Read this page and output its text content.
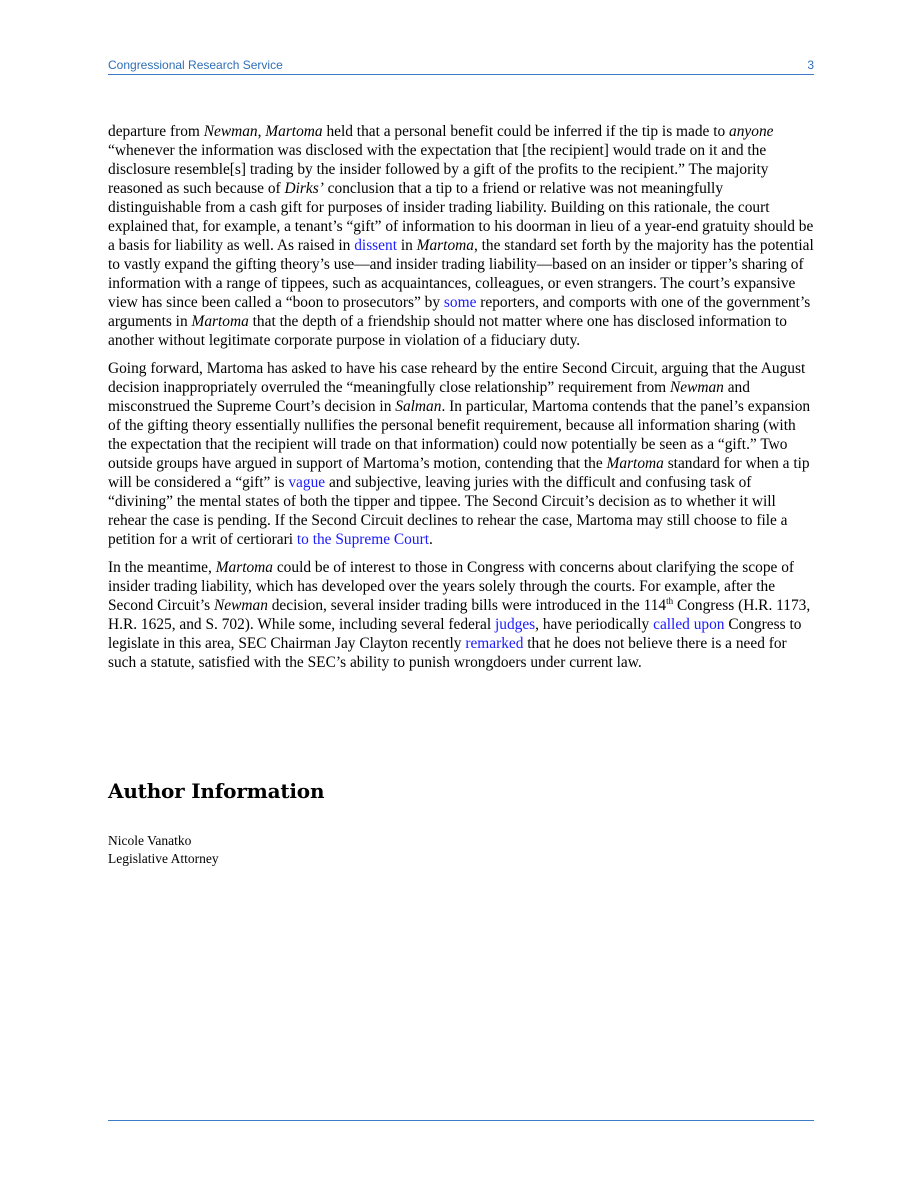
Congressional Research Service	3

departure from Newman, Martoma held that a personal benefit could be inferred if the tip is made to anyone “whenever the information was disclosed with the expectation that [the recipient] would trade on it and the disclosure resemble[s] trading by the insider followed by a gift of the profits to the recipient.” The majority reasoned as such because of Dirks’ conclusion that a tip to a friend or relative was not meaningfully distinguishable from a cash gift for purposes of insider trading liability. Building on this rationale, the court explained that, for example, a tenant’s “gift” of information to his doorman in lieu of a year-end gratuity should be a basis for liability as well. As raised in dissent in Martoma, the standard set forth by the majority has the potential to vastly expand the gifting theory’s use—and insider trading liability—based on an insider or tipper’s sharing of information with a range of tippees, such as acquaintances, colleagues, or even strangers. The court’s expansive view has since been called a “boon to prosecutors” by some reporters, and comports with one of the government’s arguments in Martoma that the depth of a friendship should not matter where one has disclosed information to another without legitimate corporate purpose in violation of a fiduciary duty.

Going forward, Martoma has asked to have his case reheard by the entire Second Circuit, arguing that the August decision inappropriately overruled the “meaningfully close relationship” requirement from Newman and misconstrued the Supreme Court’s decision in Salman. In particular, Martoma contends that the panel’s expansion of the gifting theory essentially nullifies the personal benefit requirement, because all information sharing (with the expectation that the recipient will trade on that information) could now potentially be seen as a “gift.” Two outside groups have argued in support of Martoma’s motion, contending that the Martoma standard for when a tip will be considered a “gift” is vague and subjective, leaving juries with the difficult and confusing task of “divining” the mental states of both the tipper and tippee. The Second Circuit’s decision as to whether it will rehear the case is pending. If the Second Circuit declines to rehear the case, Martoma may still choose to file a petition for a writ of certiorari to the Supreme Court.

In the meantime, Martoma could be of interest to those in Congress with concerns about clarifying the scope of insider trading liability, which has developed over the years solely through the courts. For example, after the Second Circuit’s Newman decision, several insider trading bills were introduced in the 114th Congress (H.R. 1173, H.R. 1625, and S. 702). While some, including several federal judges, have periodically called upon Congress to legislate in this area, SEC Chairman Jay Clayton recently remarked that he does not believe there is a need for such a statute, satisfied with the SEC’s ability to punish wrongdoers under current law.

Author Information
Nicole Vanatko
Legislative Attorney
